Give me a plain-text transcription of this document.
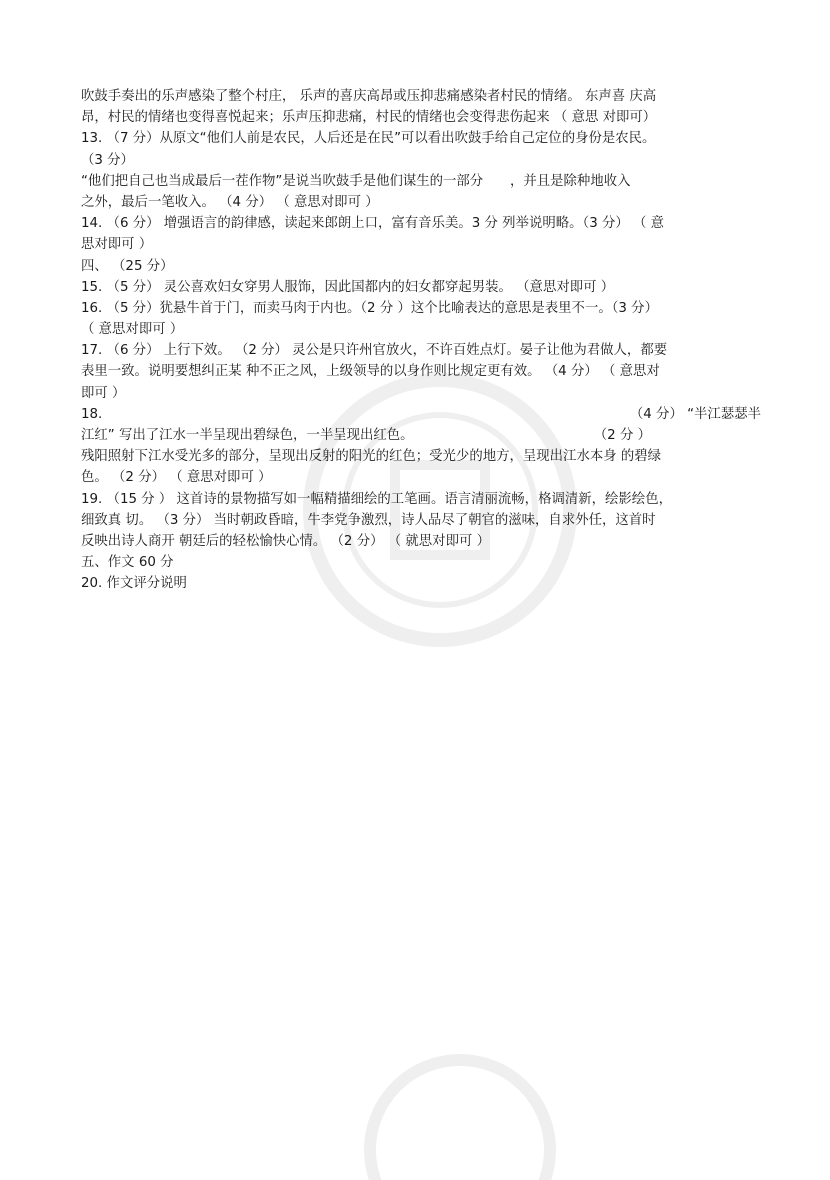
吹鼓手奏出的乐声感染了整个村庄， 乐声的喜庆高昂或压抑悲痛感染者村民的情绪。 东声喜 庆高
昂，村民的情绪也变得喜悦起来；乐声压抑悲痛，村民的情绪也会变得悲伤起来 （ 意思 对即可）
13. （7 分）从原文“他们人前是农民，人后还是在民”可以看出吹鼓手给自己定位的身份是农民。
（3 分）
“他们把自己也当成最后一茬作物”是说当吹鼓手是他们谋生的一部分　　，并且是除种地收入
之外，最后一笔收入。 （4 分） （ 意思对即可 ）
14. （6 分） 增强语言的韵律感，读起来郎朗上口，富有音乐美。3 分 列举说明略。（3 分） （ 意
思对即可 ）
四、 （25 分）
15. （5 分） 灵公喜欢妇女穿男人服饰，因此国都内的妇女都穿起男装。 （意思对即可 ）
16. （5 分）犹悬牛首于门，而卖马肉于内也。（2 分 ）这个比喻表达的意思是表里不一。（3 分）
（ 意思对即可 ）
17. （6 分） 上行下效。 （2 分） 灵公是只许州官放火，不许百姓点灯。晏子让他为君做人，都要
表里一致。说明要想纠正某 种不正之风，上级领导的以身作则比规定更有效。 （4 分） （ 意思对
即可 ）
18.	（4 分） “半江瑟瑟半
江红” 写出了江水一半呈现出碧绿色，一半呈现出红色。	（2 分 ）
残阳照射下江水受光多的部分，呈现出反射的阳光的红色；受光少的地方，呈现出江水本身 的碧绿
色。 （2 分） （ 意思对即可 ）
19. （15 分 ） 这首诗的景物描写如一幅精描细绘的工笔画。语言清丽流畅，格调清新，绘影绘色，
细致真 切。 （3 分） 当时朝政昏暗，牛李党争激烈，诗人品尽了朝官的滋味，自求外任，这首时
反映出诗人商开 朝廷后的轻松愉快心情。 （2 分） （ 就思对即可 ）
五、作文 60 分
20. 作文评分说明
